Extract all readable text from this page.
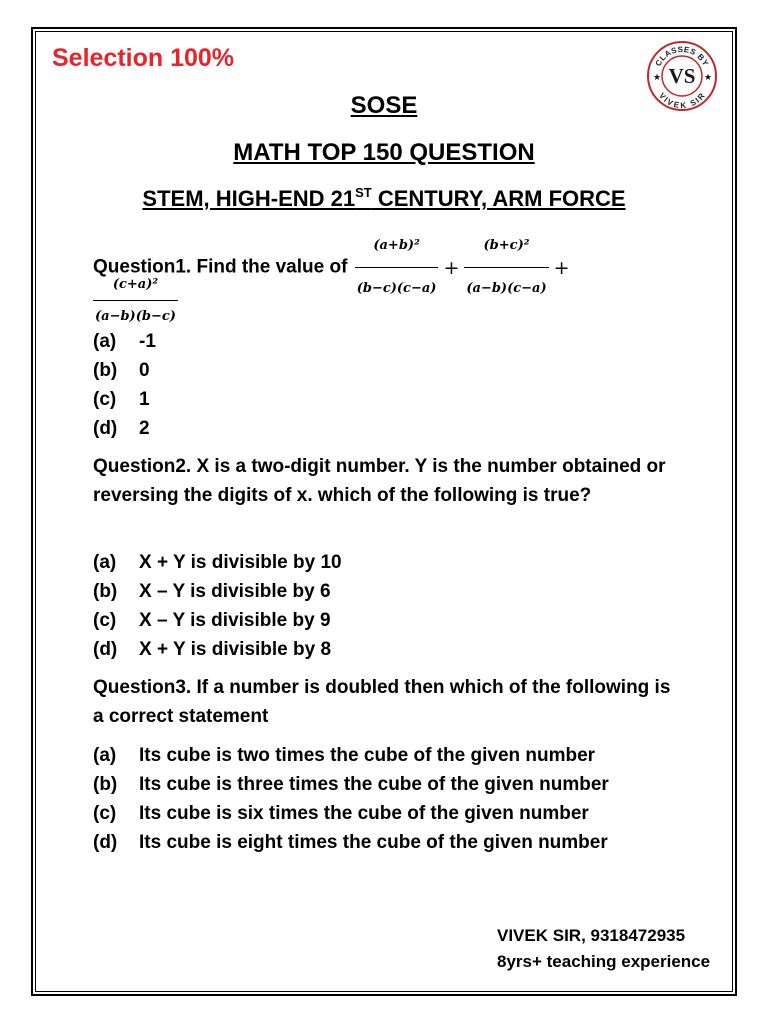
Selection 100%	CLASSES BY
VIVEK SIR
VS
★	★
SOSE
MATH TOP 150 QUESTION
STEM, HIGH-END 21ST CENTURY, ARM FORCE
Question1. Find the value of $\frac{\text{(a+b)²}}{(b-c)(c-a)} + \frac{\text{(b+c)²}}{(a-b)(c-a)}$ +
$\frac{\text{(c+a)²}}{(a-b)(b-c)}$
(a) -1
(b) 0
(c) 1
(d) 2
Question2. X is a two-digit number. Y is the number obtained or reversing the digits of x. which of the following is true?
(a) X + Y is divisible by 10
(b) X – Y is divisible by 6
(c) X – Y is divisible by 9
(d) X + Y is divisible by 8
Question3. If a number is doubled then which of the following is a correct statement
(a) Its cube is two times the cube of the given number
(b) Its cube is three times the cube of the given number
(c) Its cube is six times the cube of the given number
(d) Its cube is eight times the cube of the given number
VIVEK SIR, 9318472935
8yrs+ teaching experience
